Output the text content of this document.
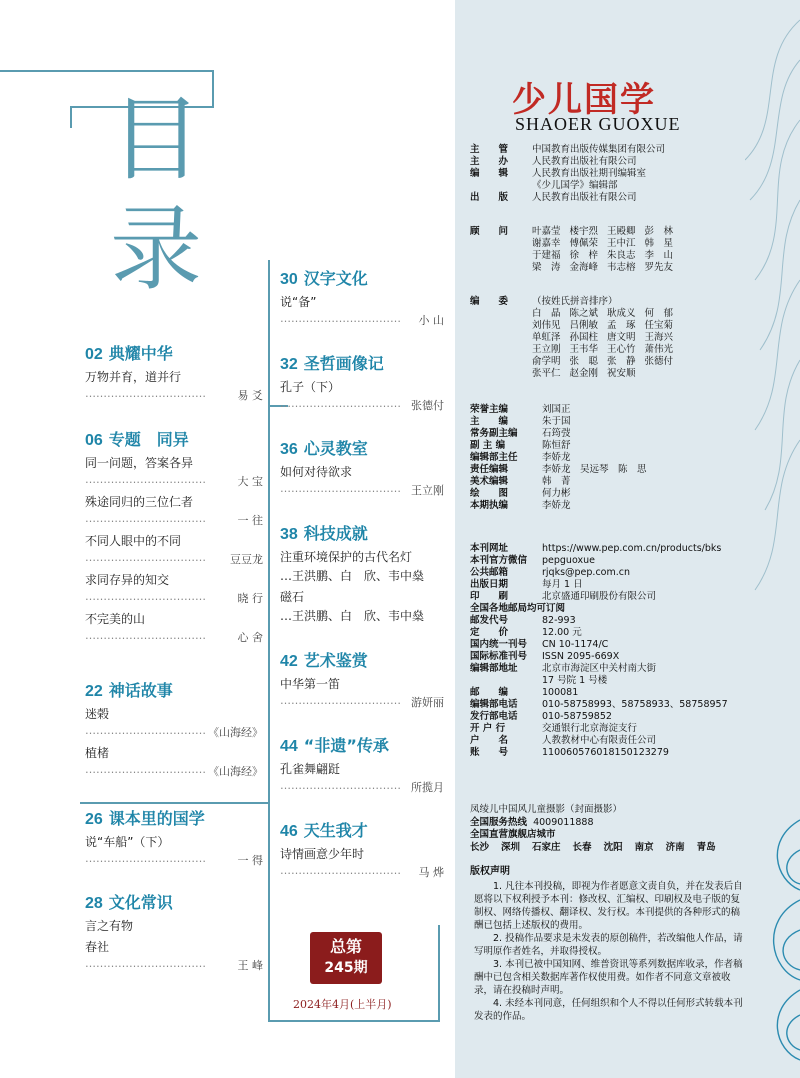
目
录
02 典耀中华
万物并育，道并行
……………………………	易 爻
06 专题　同异
同一问题，答案各异
……………………………	大 宝
殊途同归的三位仁者
……………………………	一 往
不同人眼中的不同
…………………………… 豆豆龙
求同存异的知交
……………………………	晓 行
不完美的山
……………………………	心 舍
22 神话故事
迷榖
…………………………… 《山海经》
植楮
…………………………… 《山海经》
26 课本里的国学
说“车船”（下）
……………………………	一 得
28 文化常识
言之有物
春社
……………………………	王 峰
30 汉字文化
说“备”
…………………………… 小 山
32 圣哲画像记
孔子（下）
…………………………… 张德付
36 心灵教室
如何对待欲求
…………………………… 王立刚
38 科技成就
注重环境保护的古代名灯
…王洪鹏、白　欣、韦中燊
磁石
…王洪鹏、白　欣、韦中燊
42 艺术鉴赏
中华第一笛
…………………………… 游妍丽
44 “非遗”传承
孔雀舞翩跹
…………………………… 所揽月
46 天生我才
诗情画意少年时
…………………………… 马 烨
总第
245期
2024年4月(上半月)
少儿国学
SHAOER GUOXUE
主　　管	中国教育出版传媒集团有限公司
主　　办	人民教育出版社有限公司
编　　辑	人民教育出版社期刊编辑室
《少儿国学》编辑部
出　　版	人民教育出版社有限公司
顾　　问	叶嘉莹 楼宇烈 王殿卿 彭　林
谢嘉幸 傅佩荣 王中江 韩　星
于建福 徐　梓 朱良志 李　山
梁　涛 金海峰 韦志榕 罗先友
编　　委	（按姓氏拼音排序）
白　晶 陈之斌 耿成义 何　郁
刘伟见 吕俐敏 孟　琢 任宝菊
单虹泽 孙国柱 唐文明 王海兴
王立刚 王韦华 王心竹 萧伟光
俞学明 张　聪 张　静 张德付
张平仁 赵金刚 祝安顺
荣誉主编	刘国正
主　　编	朱于国
常务副主编	石筠弢
副 主 编	陈恒舒
编辑部主任	李娇龙
责任编辑	李娇龙　吴远琴　陈　思
美术编辑	韩　菁
绘　　图	何力彬
本期执编	李娇龙
本刊网址	https://www.pep.com.cn/products/bks
本刊官方微信	pepguoxue
公共邮箱	rjqks@pep.com.cn
出版日期	每月 1 日
印　　刷	北京盛通印刷股份有限公司
全国各地邮局均可订阅
邮发代号	82-993
定　　价	12.00 元
国内统一刊号	CN 10-1174/C
国际标准刊号	ISSN 2095-669X
编辑部地址	北京市海淀区中关村南大街
17 号院 1 号楼
邮　　编	100081
编辑部电话	010-58758993、58758933、58758957
发行部电话	010-58759852
开 户 行	交通银行北京海淀支行
户　　名	人教教材中心有限责任公司
账　　号	110060576018150123279
凤绫儿中国风儿童摄影（封面摄影）
全国服务热线 4009011888
全国直营旗舰店城市
长沙 深圳 石家庄 长春 沈阳 南京 济南 青岛
版权声明

1. 凡往本刊投稿，即视为作者愿意文责自负，并在发表后自愿将以下权利授予本刊：修改权、汇编权、印刷权及电子版的复制权、网络传播权、翻译权、发行权。本刊提供的各种形式的稿酬已包括上述版权的费用。

2. 投稿作品要求是未发表的原创稿件，若改编他人作品，请写明原作者姓名，并取得授权。

3. 本刊已被中国知网、维普资讯等系列数据库收录，作者稿酬中已包含相关数据库著作权使用费。如作者不同意文章被收录，请在投稿时声明。

4. 未经本刊同意，任何组织和个人不得以任何形式转载本刊发表的作品。
